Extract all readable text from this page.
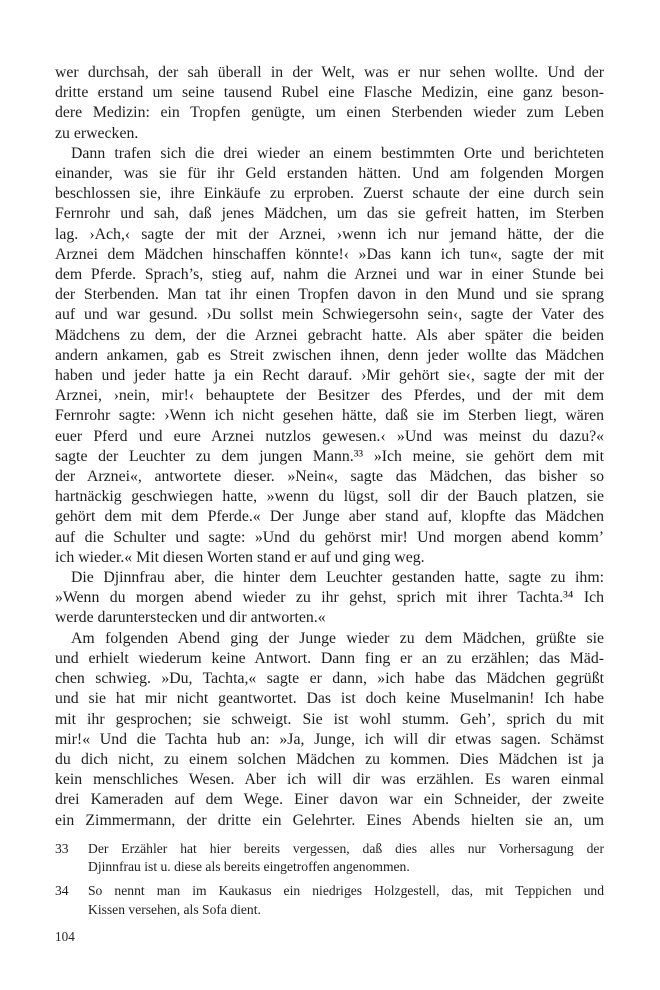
wer durchsah, der sah überall in der Welt, was er nur sehen wollte. Und der
dritte erstand um seine tausend Rubel eine Flasche Medizin, eine ganz beson-
dere Medizin: ein Tropfen genügte, um einen Sterbenden wieder zum Leben
zu erwecken.
Dann trafen sich die drei wieder an einem bestimmten Orte und berichteten
einander, was sie für ihr Geld erstanden hätten. Und am folgenden Morgen
beschlossen sie, ihre Einkäufe zu erproben. Zuerst schaute der eine durch sein
Fernrohr und sah, daß jenes Mädchen, um das sie gefreit hatten, im Sterben
lag. ›Ach,‹ sagte der mit der Arznei, ›wenn ich nur jemand hätte, der die
Arznei dem Mädchen hinschaffen könnte!‹ »Das kann ich tun«, sagte der mit
dem Pferde. Sprach’s, stieg auf, nahm die Arznei und war in einer Stunde bei
der Sterbenden. Man tat ihr einen Tropfen davon in den Mund und sie sprang
auf und war gesund. ›Du sollst mein Schwiegersohn sein‹, sagte der Vater des
Mädchens zu dem, der die Arznei gebracht hatte. Als aber später die beiden
andern ankamen, gab es Streit zwischen ihnen, denn jeder wollte das Mädchen
haben und jeder hatte ja ein Recht darauf. ›Mir gehört sie‹, sagte der mit der
Arznei, ›nein, mir!‹ behauptete der Besitzer des Pferdes, und der mit dem
Fernrohr sagte: ›Wenn ich nicht gesehen hätte, daß sie im Sterben liegt, wären
euer Pferd und eure Arznei nutzlos gewesen.‹ »Und was meinst du dazu?«
sagte der Leuchter zu dem jungen Mann.³³ »Ich meine, sie gehört dem mit
der Arznei«, antwortete dieser. »Nein«, sagte das Mädchen, das bisher so
hartnäckig geschwiegen hatte, »wenn du lügst, soll dir der Bauch platzen, sie
gehört dem mit dem Pferde.« Der Junge aber stand auf, klopfte das Mädchen
auf die Schulter und sagte: »Und du gehörst mir! Und morgen abend komm’
ich wieder.« Mit diesen Worten stand er auf und ging weg.
Die Djinnfrau aber, die hinter dem Leuchter gestanden hatte, sagte zu ihm:
»Wenn du morgen abend wieder zu ihr gehst, sprich mit ihrer Tachta.³⁴ Ich
werde darunterstecken und dir antworten.«
Am folgenden Abend ging der Junge wieder zu dem Mädchen, grüßte sie
und erhielt wiederum keine Antwort. Dann fing er an zu erzählen; das Mäd-
chen schwieg. »Du, Tachta,« sagte er dann, »ich habe das Mädchen gegrüßt
und sie hat mir nicht geantwortet. Das ist doch keine Muselmanin! Ich habe
mit ihr gesprochen; sie schweigt. Sie ist wohl stumm. Geh’, sprich du mit
mir!« Und die Tachta hub an: »Ja, Junge, ich will dir etwas sagen. Schämst
du dich nicht, zu einem solchen Mädchen zu kommen. Dies Mädchen ist ja
kein menschliches Wesen. Aber ich will dir was erzählen. Es waren einmal
drei Kameraden auf dem Wege. Einer davon war ein Schneider, der zweite
ein Zimmermann, der dritte ein Gelehrter. Eines Abends hielten sie an, um
33	Der Erzähler hat hier bereits vergessen, daß dies alles nur Vorhersagung der
Djinnfrau ist u. diese als bereits eingetroffen angenommen.
34	So nennt man im Kaukasus ein niedriges Holzgestell, das, mit Teppichen und
Kissen versehen, als Sofa dient.
104
